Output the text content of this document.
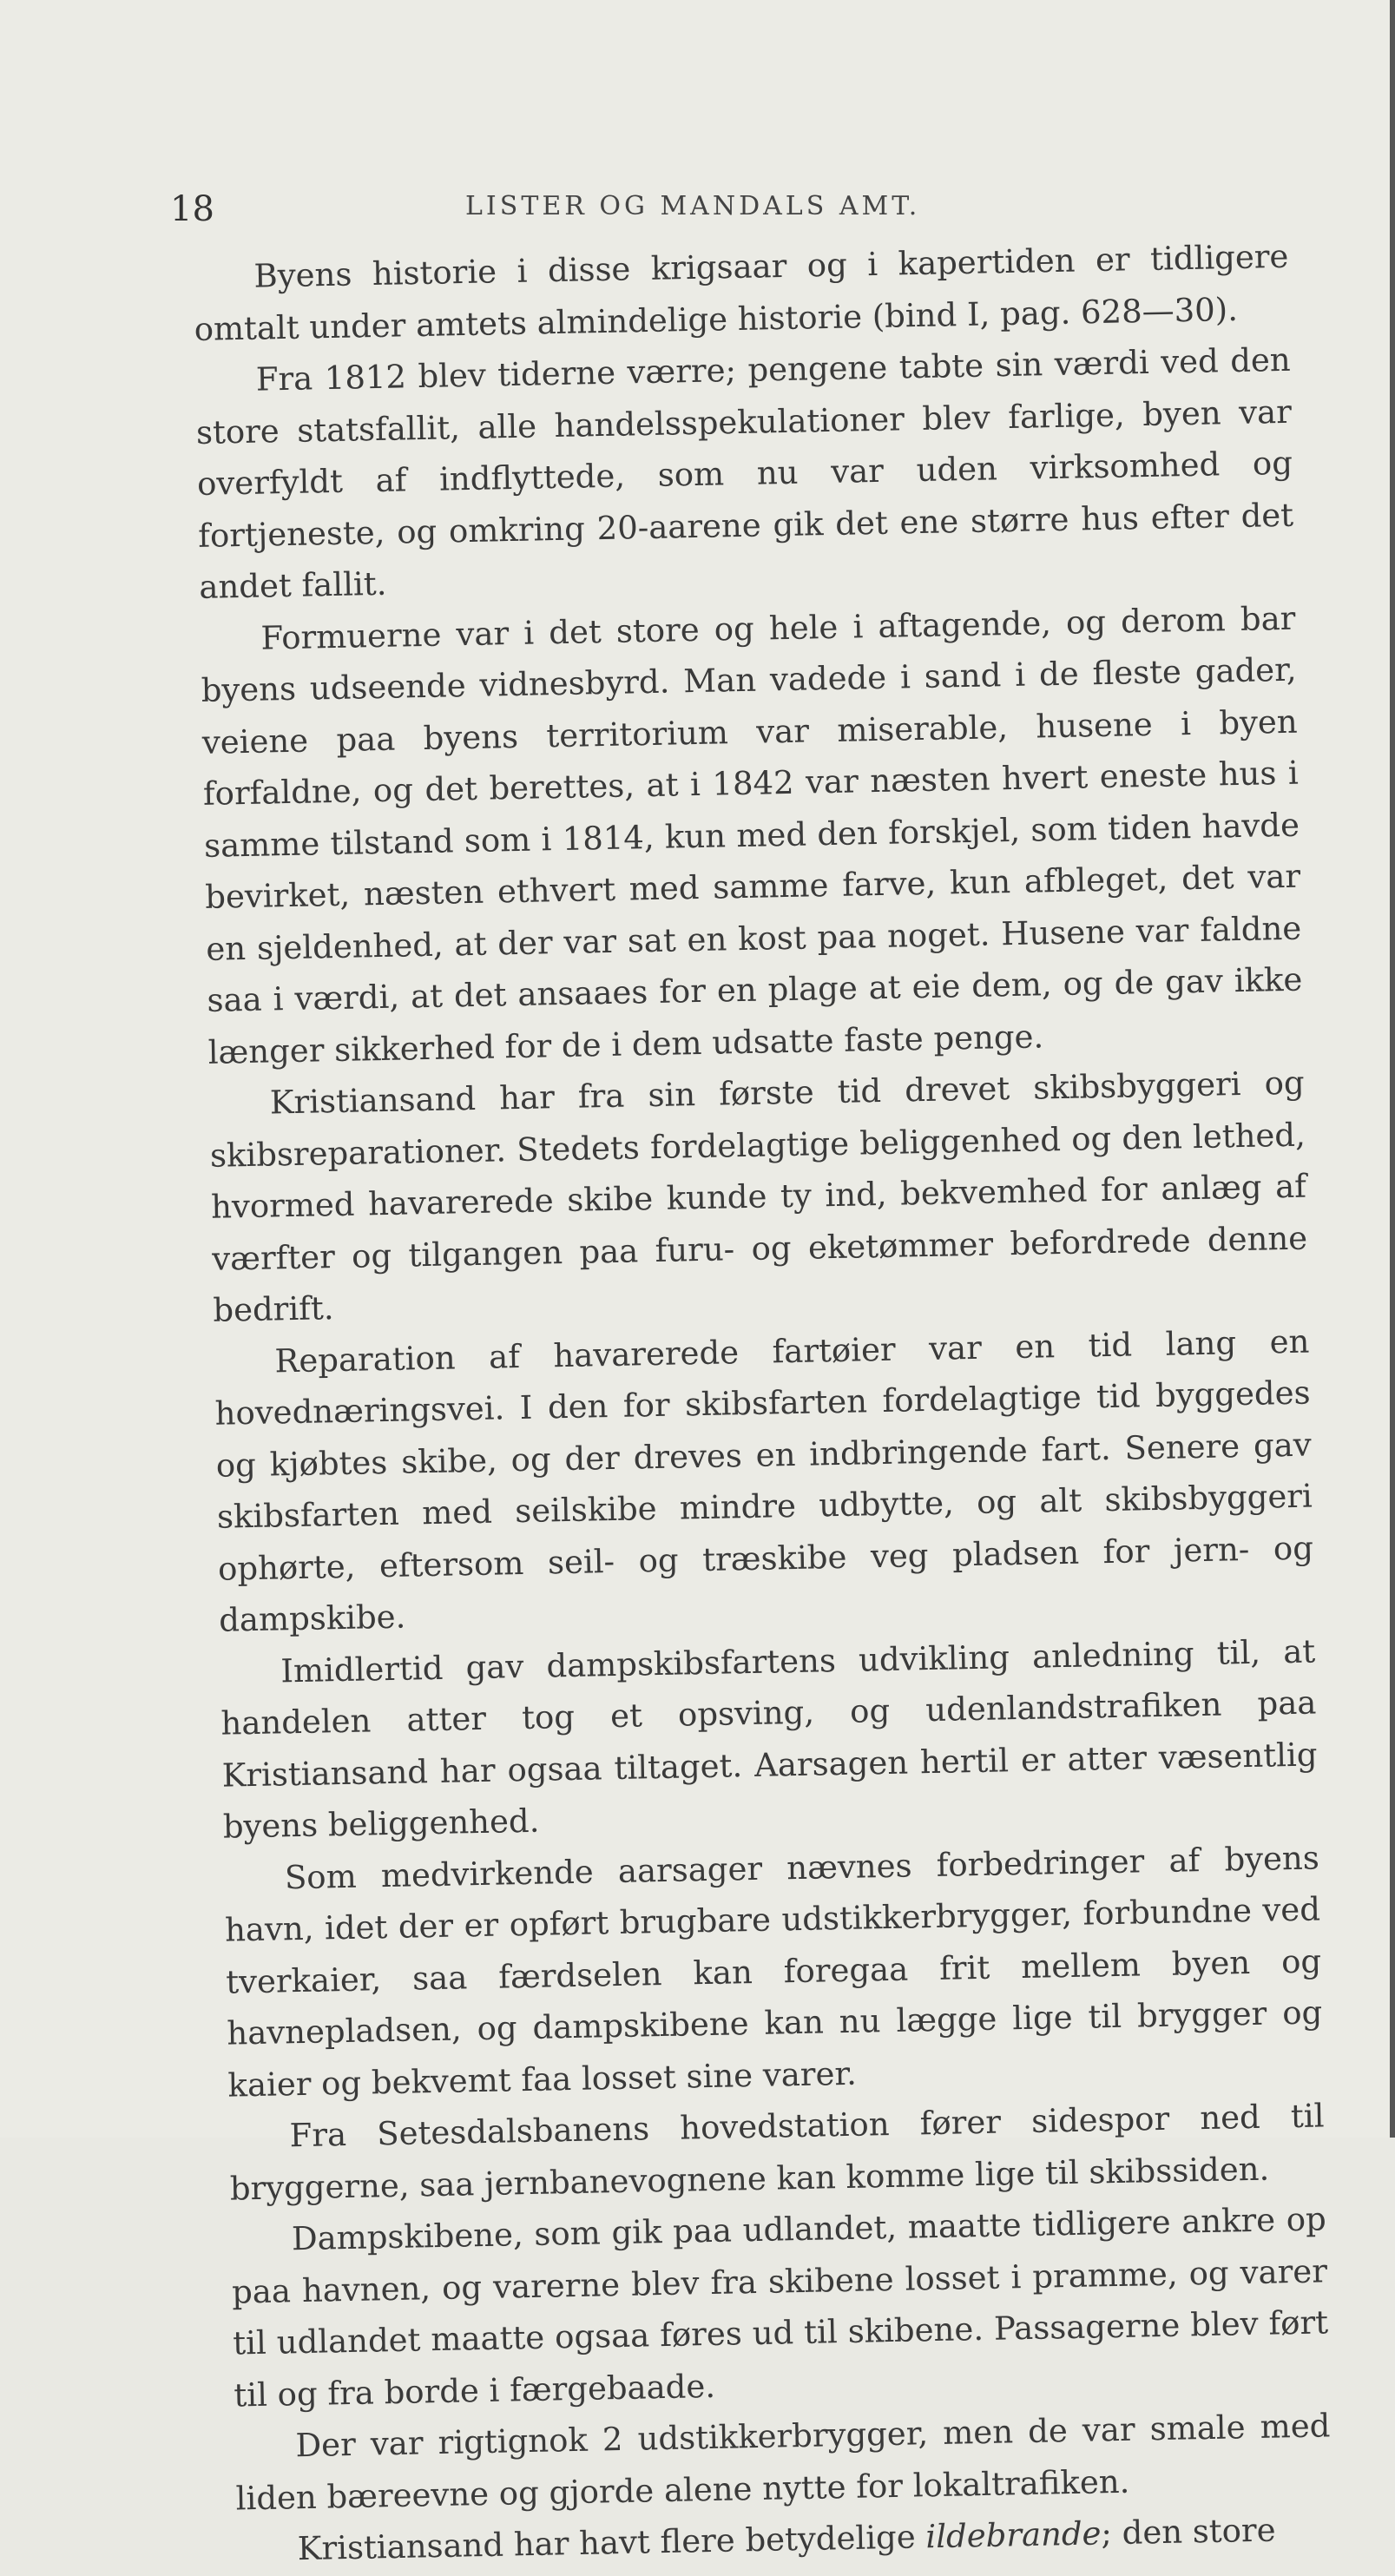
18	LISTER OG MANDALS AMT.

Byens historie i disse krigsaar og i kapertiden er tidligere omtalt under amtets almindelige historie (bind I, pag. 628—30).

Fra 1812 blev tiderne værre; pengene tabte sin værdi ved den store statsfallit, alle handelsspekulationer blev farlige, byen var overfyldt af indflyttede, som nu var uden virksomhed og fortjeneste, og omkring 20-aarene gik det ene større hus efter det andet fallit.

Formuerne var i det store og hele i aftagende, og derom bar byens udseende vidnesbyrd. Man vadede i sand i de fleste gader, veiene paa byens territorium var miserable, husene i byen forfaldne, og det berettes, at i 1842 var næsten hvert eneste hus i samme tilstand som i 1814, kun med den forskjel, som tiden havde bevirket, næsten ethvert med samme farve, kun afbleget, det var en sjeldenhed, at der var sat en kost paa noget. Husene var faldne saa i værdi, at det ansaaes for en plage at eie dem, og de gav ikke længer sikkerhed for de i dem udsatte faste penge.

Kristiansand har fra sin første tid drevet skibsbyggeri og skibsreparationer. Stedets fordelagtige beliggenhed og den lethed, hvormed havarerede skibe kunde ty ind, bekvemhed for anlæg af værfter og tilgangen paa furu- og eketømmer befordrede denne bedrift.

Reparation af havarerede fartøier var en tid lang en hovednæringsvei. I den for skibsfarten fordelagtige tid byggedes og kjøbtes skibe, og der dreves en indbringende fart. Senere gav skibsfarten med seilskibe mindre udbytte, og alt skibsbyggeri ophørte, eftersom seil- og træskibe veg pladsen for jern- og dampskibe.

Imidlertid gav dampskibsfartens udvikling anledning til, at handelen atter tog et opsving, og udenlandstrafiken paa Kristiansand har ogsaa tiltaget. Aarsagen hertil er atter væsentlig byens beliggenhed.

Som medvirkende aarsager nævnes forbedringer af byens havn, idet der er opført brugbare udstikkerbrygger, forbundne ved tverkaier, saa færdselen kan foregaa frit mellem byen og havnepladsen, og dampskibene kan nu lægge lige til brygger og kaier og bekvemt faa losset sine varer.

Fra Setesdalsbanens hovedstation fører sidespor ned til bryggerne, saa jernbanevognene kan komme lige til skibssiden.

Dampskibene, som gik paa udlandet, maatte tidligere ankre op paa havnen, og varerne blev fra skibene losset i pramme, og varer til udlandet maatte ogsaa føres ud til skibene. Passagerne blev ført til og fra borde i færgebaade.

Der var rigtignok 2 udstikkerbrygger, men de var smale med liden bæreevne og gjorde alene nytte for lokaltrafiken.

Kristiansand har havt flere betydelige ildebrande; den store
